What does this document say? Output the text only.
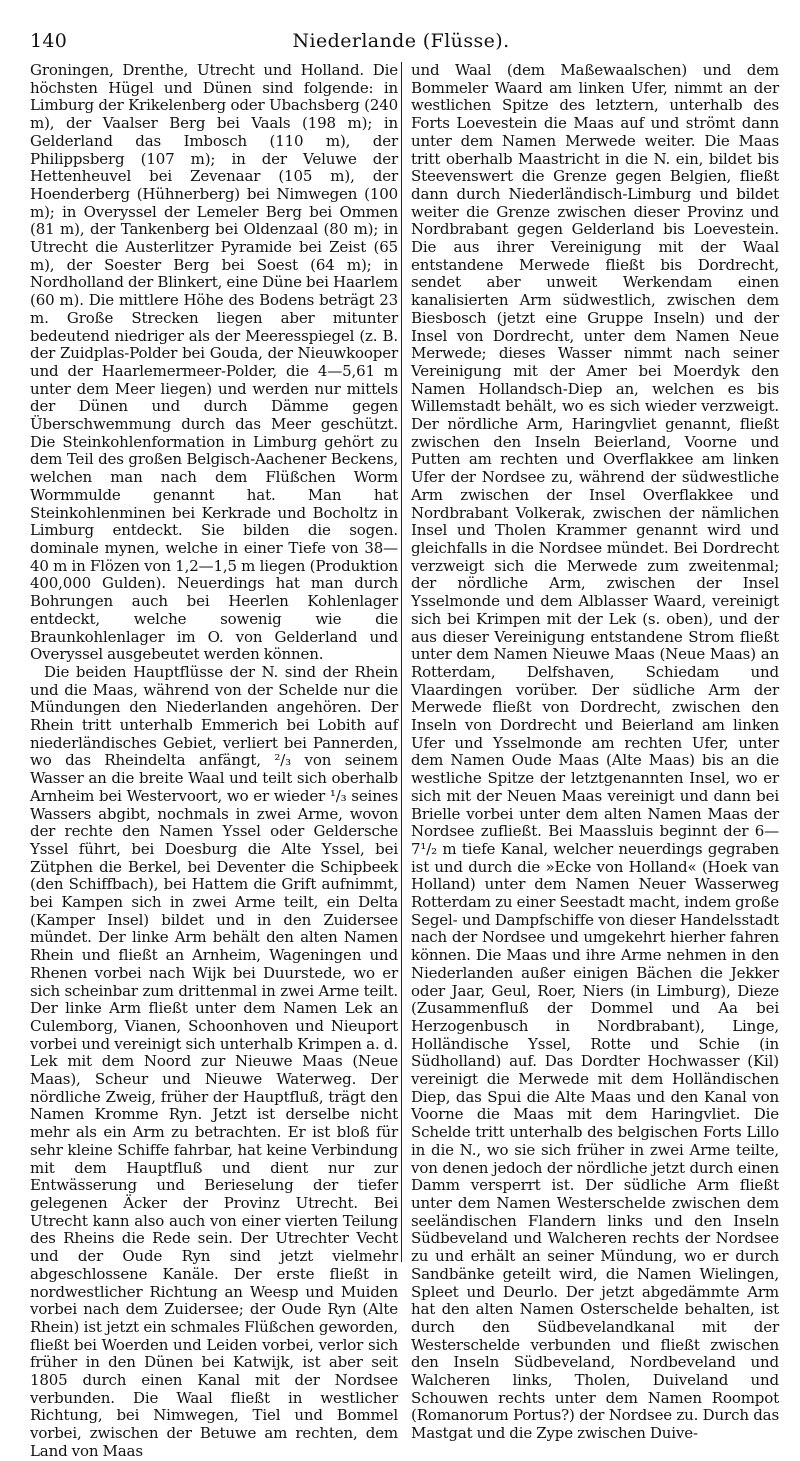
140	Niederlande (Flüsse).

Groningen, Drenthe, Utrecht und Holland. Die höchsten Hügel und Dünen sind folgende: in Limburg der Krikelenberg oder Ubachsberg (240 m), der Vaalser Berg bei Vaals (198 m); in Gelderland das Imbosch (110 m), der Philippsberg (107 m); in der Veluwe der Hettenheuvel bei Zevenaar (105 m), der Hoenderberg (Hühnerberg) bei Nimwegen (100 m); in Overyssel der Lemeler Berg bei Ommen (81 m), der Tankenberg bei Oldenzaal (80 m); in Utrecht die Austerlitzer Pyramide bei Zeist (65 m), der Soester Berg bei Soest (64 m); in Nordholland der Blinkert, eine Düne bei Haarlem (60 m). Die mittlere Höhe des Bodens beträgt 23 m. Große Strecken liegen aber mitunter bedeutend niedriger als der Meeresspiegel (z. B. der Zuidplas-Polder bei Gouda, der Nieuwkooper und der Haarlemermeer-Polder, die 4—5,61 m unter dem Meer liegen) und werden nur mittels der Dünen und durch Dämme gegen Überschwemmung durch das Meer geschützt. Die Steinkohlenformation in Limburg gehört zu dem Teil des großen Belgisch-Aachener Beckens, welchen man nach dem Flüßchen Worm Wormmulde genannt hat. Man hat Steinkohlenminen bei Kerkrade und Bocholtz in Limburg entdeckt. Sie bilden die sogen. dominale mynen, welche in einer Tiefe von 38—40 m in Flözen von 1,2—1,5 m liegen (Produktion 400,000 Gulden). Neuerdings hat man durch Bohrungen auch bei Heerlen Kohlenlager entdeckt, welche sowenig wie die Braunkohlenlager im O. von Gelderland und Overyssel ausgebeutet werden können.

Die beiden Hauptflüsse der N. sind der Rhein und die Maas, während von der Schelde nur die Mündungen den Niederlanden angehören. Der Rhein tritt unterhalb Emmerich bei Lobith auf niederländisches Gebiet, verliert bei Pannerden, wo das Rheindelta anfängt, ²/₃ von seinem Wasser an die breite Waal und teilt sich oberhalb Arnheim bei Westervoort, wo er wieder ¹/₃ seines Wassers abgibt, nochmals in zwei Arme, wovon der rechte den Namen Yssel oder Geldersche Yssel führt, bei Doesburg die Alte Yssel, bei Zütphen die Berkel, bei Deventer die Schipbeek (den Schiffbach), bei Hattem die Grift aufnimmt, bei Kampen sich in zwei Arme teilt, ein Delta (Kamper Insel) bildet und in den Zuidersee mündet. Der linke Arm behält den alten Namen Rhein und fließt an Arnheim, Wageningen und Rhenen vorbei nach Wijk bei Duurstede, wo er sich scheinbar zum drittenmal in zwei Arme teilt. Der linke Arm fließt unter dem Namen Lek an Culemborg, Vianen, Schoonhoven und Nieuport vorbei und vereinigt sich unterhalb Krimpen a. d. Lek mit dem Noord zur Nieuwe Maas (Neue Maas), Scheur und Nieuwe Waterweg. Der nördliche Zweig, früher der Hauptfluß, trägt den Namen Kromme Ryn. Jetzt ist derselbe nicht mehr als ein Arm zu betrachten. Er ist bloß für sehr kleine Schiffe fahrbar, hat keine Verbindung mit dem Hauptfluß und dient nur zur Entwässerung und Berieselung der tiefer gelegenen Äcker der Provinz Utrecht. Bei Utrecht kann also auch von einer vierten Teilung des Rheins die Rede sein. Der Utrechter Vecht und der Oude Ryn sind jetzt vielmehr abgeschlossene Kanäle. Der erste fließt in nordwestlicher Richtung an Weesp und Muiden vorbei nach dem Zuidersee; der Oude Ryn (Alte Rhein) ist jetzt ein schmales Flüßchen geworden, fließt bei Woerden und Leiden vorbei, verlor sich früher in den Dünen bei Katwijk, ist aber seit 1805 durch einen Kanal mit der Nordsee verbunden. Die Waal fließt in westlicher Richtung, bei Nimwegen, Tiel und Bommel vorbei, zwischen der Betuwe am rechten, dem Land von Maas

und Waal (dem Maßewaalschen) und dem Bommeler Waard am linken Ufer, nimmt an der westlichen Spitze des letztern, unterhalb des Forts Loevestein die Maas auf und strömt dann unter dem Namen Merwede weiter. Die Maas tritt oberhalb Maastricht in die N. ein, bildet bis Steevenswert die Grenze gegen Belgien, fließt dann durch Niederländisch-Limburg und bildet weiter die Grenze zwischen dieser Provinz und Nordbrabant gegen Gelderland bis Loevestein. Die aus ihrer Vereinigung mit der Waal entstandene Merwede fließt bis Dordrecht, sendet aber unweit Werkendam einen kanalisierten Arm südwestlich, zwischen dem Biesbosch (jetzt eine Gruppe Inseln) und der Insel von Dordrecht, unter dem Namen Neue Merwede; dieses Wasser nimmt nach seiner Vereinigung mit der Amer bei Moerdyk den Namen Hollandsch-Diep an, welchen es bis Willemstadt behält, wo es sich wieder verzweigt. Der nördliche Arm, Haringvliet genannt, fließt zwischen den Inseln Beierland, Voorne und Putten am rechten und Overflakkee am linken Ufer der Nordsee zu, während der südwestliche Arm zwischen der Insel Overflakkee und Nordbrabant Volkerak, zwischen der nämlichen Insel und Tholen Krammer genannt wird und gleichfalls in die Nordsee mündet. Bei Dordrecht verzweigt sich die Merwede zum zweitenmal; der nördliche Arm, zwischen der Insel Ysselmonde und dem Alblasser Waard, vereinigt sich bei Krimpen mit der Lek (s. oben), und der aus dieser Vereinigung entstandene Strom fließt unter dem Namen Nieuwe Maas (Neue Maas) an Rotterdam, Delfshaven, Schiedam und Vlaardingen vorüber. Der südliche Arm der Merwede fließt von Dordrecht, zwischen den Inseln von Dordrecht und Beierland am linken Ufer und Ysselmonde am rechten Ufer, unter dem Namen Oude Maas (Alte Maas) bis an die westliche Spitze der letztgenannten Insel, wo er sich mit der Neuen Maas vereinigt und dann bei Brielle vorbei unter dem alten Namen Maas der Nordsee zufließt. Bei Maassluis beginnt der 6—7¹/₂ m tiefe Kanal, welcher neuerdings gegraben ist und durch die »Ecke von Holland« (Hoek van Holland) unter dem Namen Neuer Wasserweg Rotterdam zu einer Seestadt macht, indem große Segel- und Dampfschiffe von dieser Handelsstadt nach der Nordsee und umgekehrt hierher fahren können. Die Maas und ihre Arme nehmen in den Niederlanden außer einigen Bächen die Jekker oder Jaar, Geul, Roer, Niers (in Limburg), Dieze (Zusammenfluß der Dommel und Aa bei Herzogenbusch in Nordbrabant), Linge, Holländische Yssel, Rotte und Schie (in Südholland) auf. Das Dordter Hochwasser (Kil) vereinigt die Merwede mit dem Holländischen Diep, das Spui die Alte Maas und den Kanal von Voorne die Maas mit dem Haringvliet. Die Schelde tritt unterhalb des belgischen Forts Lillo in die N., wo sie sich früher in zwei Arme teilte, von denen jedoch der nördliche jetzt durch einen Damm versperrt ist. Der südliche Arm fließt unter dem Namen Westerschelde zwischen dem seeländischen Flandern links und den Inseln Südbeveland und Walcheren rechts der Nordsee zu und erhält an seiner Mündung, wo er durch Sandbänke geteilt wird, die Namen Wielingen, Spleet und Deurlo. Der jetzt abgedämmte Arm hat den alten Namen Osterschelde behalten, ist durch den Südbevelandkanal mit der Westerschelde verbunden und fließt zwischen den Inseln Südbeveland, Nordbeveland und Walcheren links, Tholen, Duiveland und Schouwen rechts unter dem Namen Roompot (Romanorum Portus?) der Nordsee zu. Durch das Mastgat und die Zype zwischen Duive-
